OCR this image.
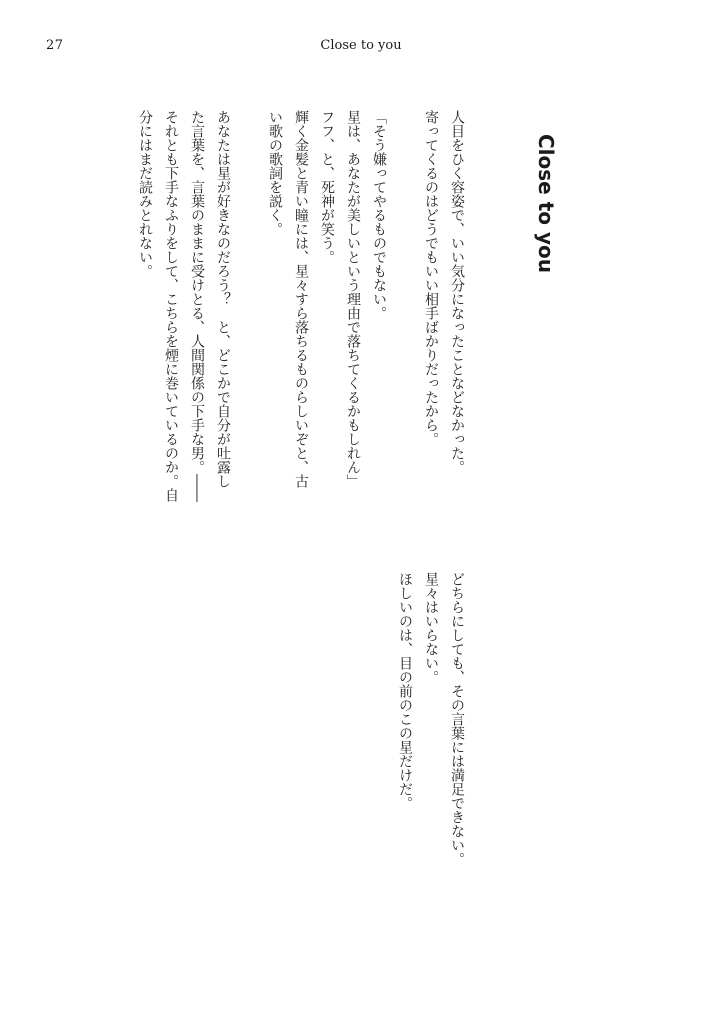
27	Close to you
Close to you
人目をひく容姿で、いい気分になったことなどなかった。
寄ってくるのはどうでもいい相手ばかりだったから。
「そう嫌ってやるものでもない。
星は、あなたが美しいという理由で落ちてくるかもしれん」
フフ、と、死神が笑う。
輝く金髪と青い瞳には、星々すら落ちるものらしいぞと、古
い歌の歌詞を説く。
あなたは星が好きなのだろう？　と、どこかで自分が吐露し
た言葉を、言葉のままに受けとる、人間関係の下手な男。――
それとも下手なふりをして、こちらを煙に巻いているのか。自
分にはまだ読みとれない。
どちらにしても、その言葉には満足できない。
星々はいらない。
ほしいのは、目の前のこの星だけだ。
